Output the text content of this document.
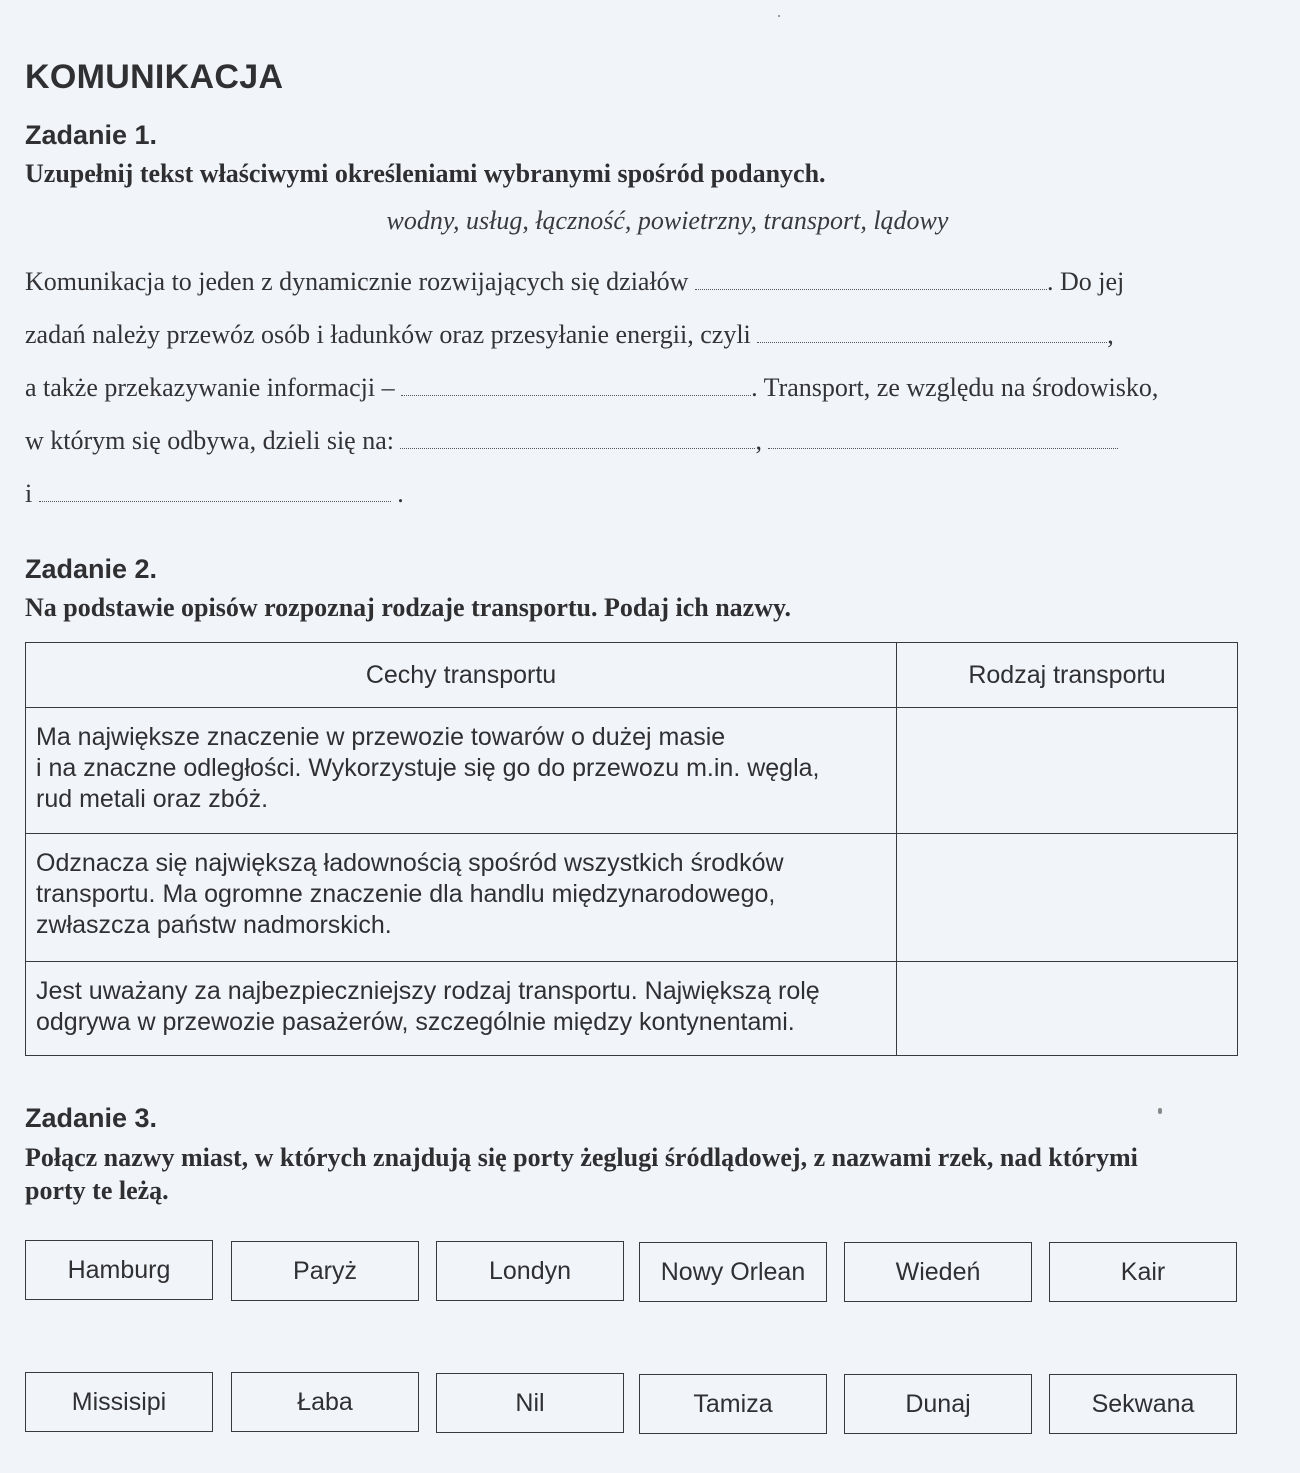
KOMUNIKACJA
Zadanie 1.
Uzupełnij tekst właściwymi określeniami wybranymi spośród podanych.
wodny, usług, łączność, powietrzny, transport, lądowy
Komunikacja to jeden z dynamicznie rozwijających się działów	. Do jej
zadań należy przewóz osób i ładunków oraz przesyłanie energii, czyli	,
a także przekazywanie informacji –	. Transport, ze względu na środowisko,
w którym się odbywa, dzieli się na:	,
i	.
Zadanie 2.
Na podstawie opisów rozpoznaj rodzaje transportu. Podaj ich nazwy.
Cechy transportu	Rodzaj transportu

Ma największe znaczenie w przewozie towarów o dużej masie
i na znaczne odległości. Wykorzystuje się go do przewozu m.in. węgla,
rud metali oraz zbóż.	

Odznacza się największą ładownością spośród wszystkich środków
transportu. Ma ogromne znaczenie dla handlu międzynarodowego,
zwłaszcza państw nadmorskich.	

Jest uważany za najbezpieczniejszy rodzaj transportu. Największą rolę
odgrywa w przewozie pasażerów, szczególnie między kontynentami.	

Zadanie 3.
Połącz nazwy miast, w których znajdują się porty żeglugi śródlądowej, z nazwami rzek, nad którymi
porty te leżą.
Hamburg	Paryż	Londyn	Nowy Orlean	Wiedeń	Kair
Missisipi	Łaba	Nil	Tamiza	Dunaj	Sekwana
